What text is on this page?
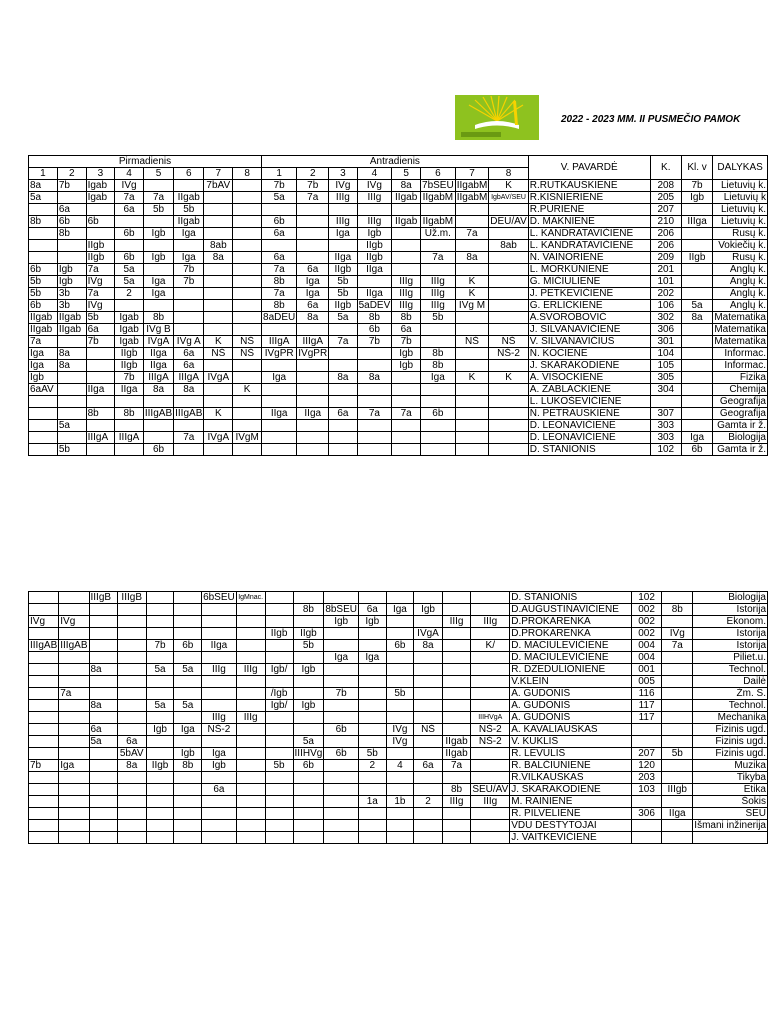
2022 - 2023 MM. II PUSMEČIO PAMOK
Pirmadienis								Antradienis								V. PAVARDĖ	K.	Kl. v	DALYKAS
1	2	3	4	5	6	7	8	1	2	3	4	5	6	7	8				
8a	7b	Igab	IVg			7bAV		7b	7b	IVg	IVg	8a	7bSEU	IIgabM	K	R.RUTKAUSKIENĖ	208	7b	Lietuvių k.
5a		Igab	7a	7a	IIgab			5a	7a	IIIg	IIIg	IIgab	IIgabM	IIgabM	IgbAV/SEU	R.KISNIERIENĖ	205	Igb	Lietuvių k
	6a		6a	5b	5b											R.PURIENĖ	207		Lietuvių k.
8b	6b	6b			IIgab			6b		IIIg	IIIg	IIgab	IIgabM		DEU/AV	D. MAKNIENĖ	210	IIIga	Lietuvių k.
	8b		6b	Igb	Iga			6a		Iga	Igb		Už.m.	7a		L. KANDRATAVIČIENĖ	206		Rusų k.
		IIgb				8ab					IIgb				8ab	L. KANDRATAVIČIENĖ	206		Vokiečių k.
		IIgb	6b	Igb	Iga	8a		6a		IIga	IIgb		7a	8a		N. VAINORIENĖ	209	IIgb	Rusų k.
6b	Igb	7a	5a		7b			7a	6a	IIgb	IIga					L. MORKŪNIENĖ	201		Anglų k.
5b	Igb	IVg	5a	Iga	7b			8b	Iga	5b		IIIg	IIIg	K		G. MIČIULIENĖ	101		Anglų k.
5b	3b	7a	2	Iga				7a	Iga	5b	IIga	IIIg	IIIg	K		J. PETKEVIČIENĖ	202		Anglų k.
6b	3b	IVg						8b	6a	IIgb	5aDEV	IIIg	IIIg	IVg M		G. ERLICKIENĖ	106	5a	Anglų k.
IIgab	IIgab	5b	Igab	8b				8aDEU	8a	5a	8b	8b	5b			A.SVOROBOVIČ	302	8a	Matematika
IIgab	IIgab	6a	Igab	IVg B							6b	6a				J. SILVANAVIČIENĖ	306		Matematika
7a		7b	Igab	IVgA	IVg A	K	NŠ	IIIgA	IIIgA	7a	7b	7b		NŠ	NŠ	V. SILVANAVIČIUS	301		Matematika
Iga	8a		IIgb	IIga	6a	NŠ	NŠ	IVgPR	IVgPR			Igb	8b		NŠ-2	N. KOCIENĖ	104		Informac.
Iga	8a		IIgb	IIga	6a							Igb	8b			J. SKARAKODIENĖ	105		Informac.
Igb			7b	IIIgA	IIIgA	IVgA		Iga		8a	8a		Iga	K	K	A. VISOCKIENĖ	305		Fizika
6aAV		IIga	IIga	8a	8a		K									A. ZABLACKIENĖ	304		Chemija
																L. LUKOŠEVIČIENĖ			Geografija
		8b	8b	IIIgAB	IIIgAB	K		IIga	IIga	6a	7a	7a	6b			N. PETRAUSKIENĖ	307		Geografija
	5a															D. LEONAVIČIENĖ	303		Gamta ir ž.
		IIIgA	IIIgA		7a	IVgA	IVgM									D. LEONAVIČIENĖ	303	Iga	Biologija
	5b			6b												D. STANIONIS	102	6b	Gamta ir ž.
		IIIgB	IIIgB			6bSEU	IgMnac.									D. STANIONIS	102		Biologija
									8b	8bSEU	6a	Iga	Igb			D.AUGUSTINAVIČIENĖ	002	8b	Istorija
IVg	IVg									Igb	Igb			IIIg	IIIg	D.PROKARENKA	002		Ekonom.
								IIgb	IIgb				IVgA			D.PROKARENKA	002	IVg	Istorija
IIIgAB	IIIgAB			7b	6b	IIga			5b			6b	8a		K/	D. MACIULEVIČIENĖ	004	7a	Istorija
										Iga	Iga					D. MACIULEVIČIENĖ	004		Piliet.u.
		8a		5a	5a	IIIg	IIIg	Igb/	Igb							R. DZEDULIONIENĖ	001		Technol.
																V.KLEIN	005		Dailė
	7a							/Igb		7b		5b				A. GUDONIS	116		Žm. S.
		8a		5a	5a			Igb/	Igb							A. GUDONIS	117		Technol.
						IIIg	IIIg								IIIHVgA	A. GUDONIS	117		Mechanika
		6a		Igb	Iga	NŠ-2				6b		IVg	NŠ		NŠ-2	A. KAVALIAUSKAS			Fizinis ugd.
		5a	6a						5a			IVg		IIgab	NŠ-2	V. KUKLIS			Fizinis ugd.
			5bAV		Igb	Iga			IIIHVg	6b	5b			IIgab		R. LEVULIS	207	5b	Fizinis ugd.
7b	Iga		8a	IIgb	8b	Igb		5b	6b		2	4	6a	7a		R. BALČIUNIENĖ	120		Muzika
																R.VILKAUSKAS	203		Tikyba
						6a								8b	SEU/AV	J. SKARAKODIENĖ	103	IIIgb	Etika
											1a	1b	2	IIIg	IIIg	M. RAINIENĖ			Šokis
																R. PILVELIENĖ	306	IIga	SEU
																VDU DĖSTYTOJAI			Išmani inžinerija
																J. VAITKEVIČIENĖ			
